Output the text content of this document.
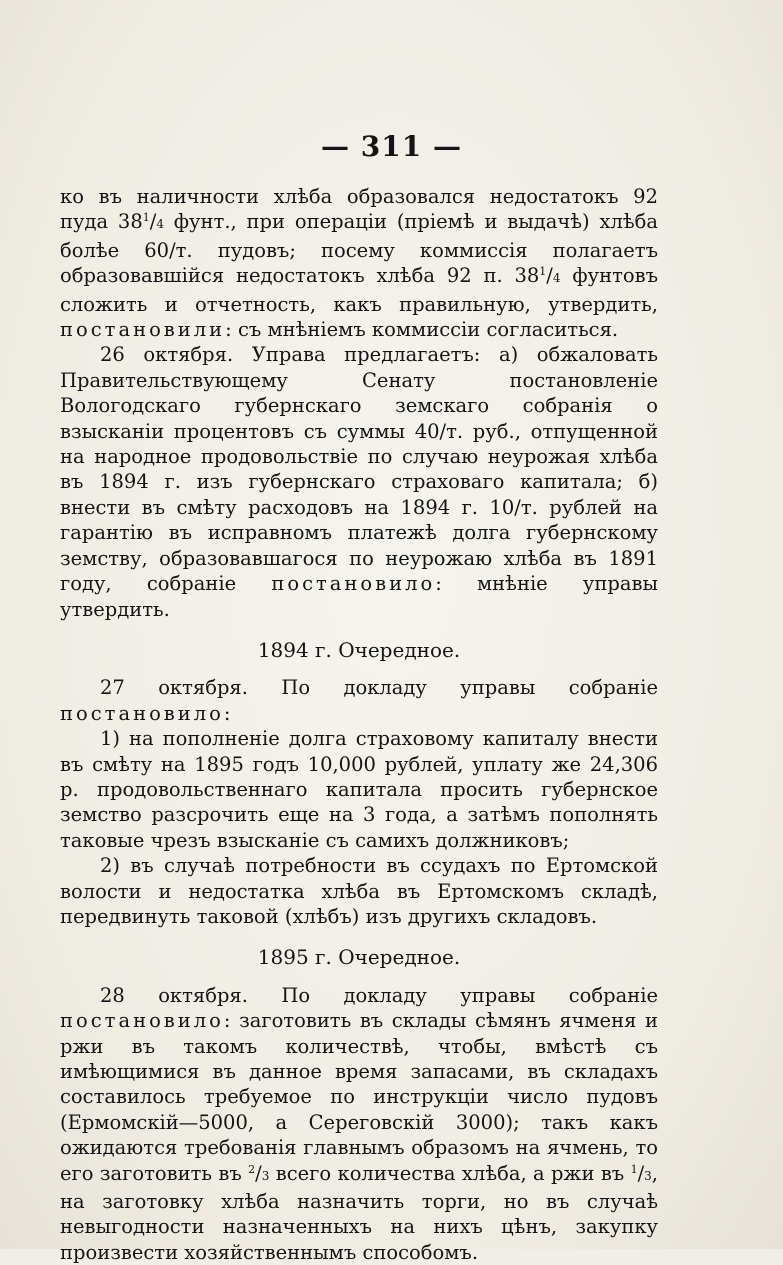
— 311 —

ко въ наличности хлѣба образовался недостатокъ 92 пуда $38^1/4$ фунт., при операціи (пріемѣ и выдачѣ) хлѣба болѣе 60/т. пудовъ; посему коммиссія полагаетъ образовавшійся недостатокъ хлѣба 92 п. $38^1/4$ фунтовъ сложить и отчетность, какъ правильную, утвердить, постановили: съ мнѣніемъ коммиссіи согласиться.

26 октября. Управа предлагаетъ: а) обжаловать Правительствующему Сенату постановленіе Вологодскаго губернскаго земскаго собранія о взысканіи процентовъ съ суммы 40/т. руб., отпущенной на народное продовольствіе по случаю неурожая хлѣба въ 1894 г. изъ губернскаго страховаго капитала; б) внести въ смѣту расходовъ на 1894 г. 10/т. рублей на гарантію въ исправномъ платежѣ долга губернскому земству, образовавшагося по неурожаю хлѣба въ 1891 году, собраніе постановило: мнѣніе управы утвердить.

1894 г. Очередное.

27 октября. По докладу управы собраніе постановило:

1) на пополненіе долга страховому капиталу внести въ смѣту на 1895 годъ 10,000 рублей, уплату же 24,306 р. продовольственнаго капитала просить губернское земство разсрочить еще на 3 года, а затѣмъ пополнять таковые чрезъ взысканіе съ самихъ должниковъ;

2) въ случаѣ потребности въ ссудахъ по Ертомской волости и недостатка хлѣба въ Ертомскомъ складѣ, передвинуть таковой (хлѣбъ) изъ другихъ складовъ.

1895 г. Очередное.

28 октября. По докладу управы собраніе постановило: заготовить въ склады сѣмянъ ячменя и ржи въ такомъ количествѣ, чтобы, вмѣстѣ съ имѣющимися въ данное время запасами, въ складахъ составилось требуемое по инструкціи число пудовъ (Ермомскій—5000, а Сереговскій 3000); такъ какъ ожидаются требованія главнымъ образомъ на ячмень, то его заготовить въ $^2$/3 всего количества хлѣба, а ржи въ $^1$/3, на заготовку хлѣба назначить торги, но въ случаѣ невыгодности назначенныхъ на нихъ цѣнъ, закупку произвести хозяйственнымъ способомъ.
